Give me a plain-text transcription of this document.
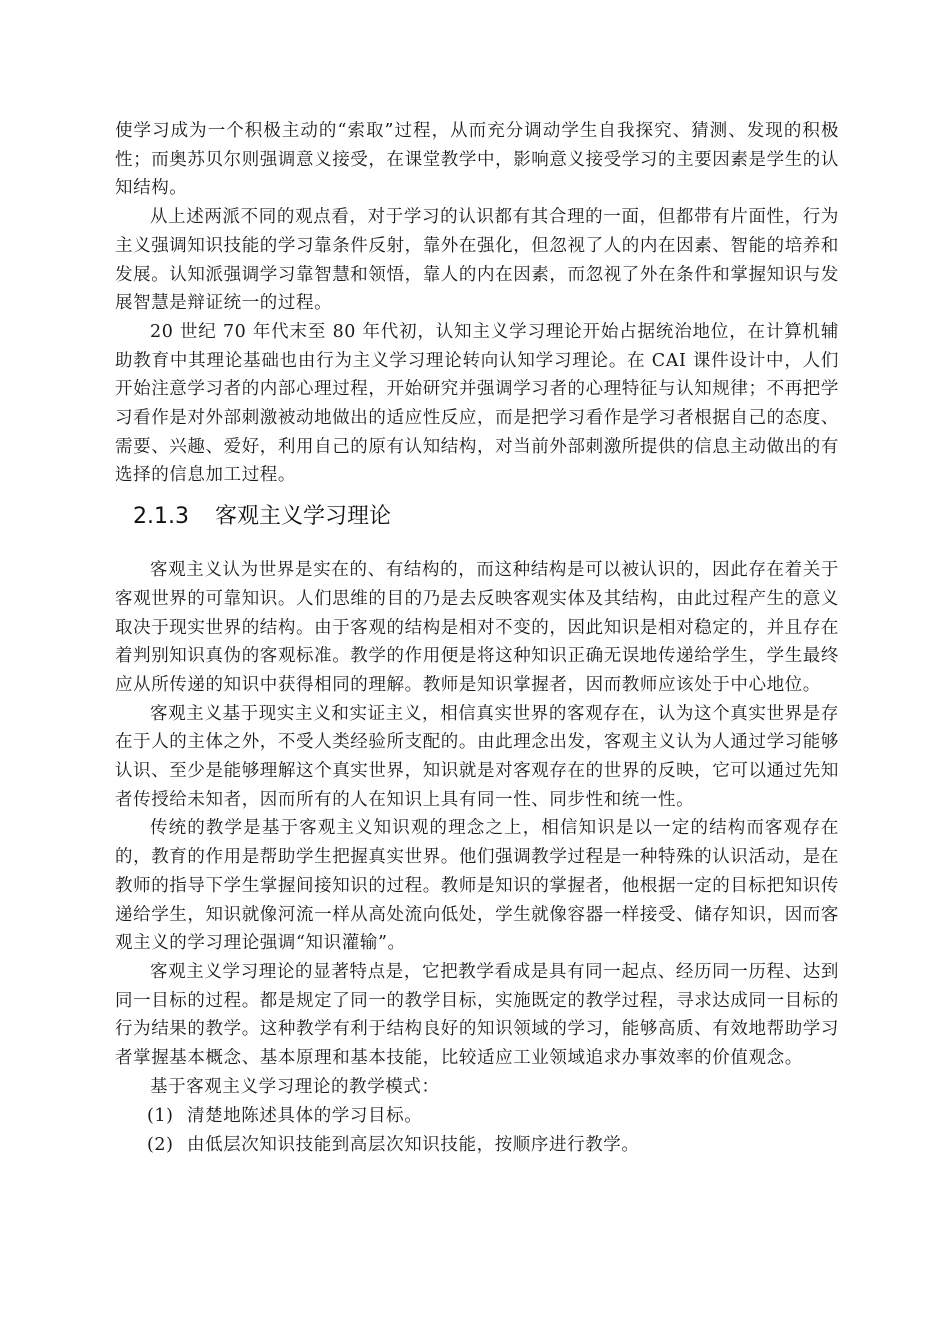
使学习成为一个积极主动的“索取”过程，从而充分调动学生自我探究、猜测、发现的积极性；而奥苏贝尔则强调意义接受，在课堂教学中，影响意义接受学习的主要因素是学生的认知结构。

从上述两派不同的观点看，对于学习的认识都有其合理的一面，但都带有片面性，行为主义强调知识技能的学习靠条件反射，靠外在强化，但忽视了人的内在因素、智能的培养和发展。认知派强调学习靠智慧和领悟，靠人的内在因素，而忽视了外在条件和掌握知识与发展智慧是辩证统一的过程。

20 世纪 70 年代末至 80 年代初，认知主义学习理论开始占据统治地位，在计算机辅助教育中其理论基础也由行为主义学习理论转向认知学习理论。在 CAI 课件设计中，人们开始注意学习者的内部心理过程，开始研究并强调学习者的心理特征与认知规律；不再把学习看作是对外部刺激被动地做出的适应性反应，而是把学习看作是学习者根据自己的态度、需要、兴趣、爱好，利用自己的原有认知结构，对当前外部刺激所提供的信息主动做出的有选择的信息加工过程。

2.1.3 客观主义学习理论

客观主义认为世界是实在的、有结构的，而这种结构是可以被认识的，因此存在着关于客观世界的可靠知识。人们思维的目的乃是去反映客观实体及其结构，由此过程产生的意义取决于现实世界的结构。由于客观的结构是相对不变的，因此知识是相对稳定的，并且存在着判别知识真伪的客观标准。教学的作用便是将这种知识正确无误地传递给学生，学生最终应从所传递的知识中获得相同的理解。教师是知识掌握者，因而教师应该处于中心地位。

客观主义基于现实主义和实证主义，相信真实世界的客观存在，认为这个真实世界是存在于人的主体之外，不受人类经验所支配的。由此理念出发，客观主义认为人通过学习能够认识、至少是能够理解这个真实世界，知识就是对客观存在的世界的反映，它可以通过先知者传授给未知者，因而所有的人在知识上具有同一性、同步性和统一性。

传统的教学是基于客观主义知识观的理念之上，相信知识是以一定的结构而客观存在的，教育的作用是帮助学生把握真实世界。他们强调教学过程是一种特殊的认识活动，是在教师的指导下学生掌握间接知识的过程。教师是知识的掌握者，他根据一定的目标把知识传递给学生，知识就像河流一样从高处流向低处，学生就像容器一样接受、储存知识，因而客观主义的学习理论强调“知识灌输”。

客观主义学习理论的显著特点是，它把教学看成是具有同一起点、经历同一历程、达到同一目标的过程。都是规定了同一的教学目标，实施既定的教学过程，寻求达成同一目标的行为结果的教学。这种教学有利于结构良好的知识领域的学习，能够高质、有效地帮助学习者掌握基本概念、基本原理和基本技能，比较适应工业领域追求办事效率的价值观念。

基于客观主义学习理论的教学模式：

(1) 清楚地陈述具体的学习目标。
(2) 由低层次知识技能到高层次知识技能，按顺序进行教学。
